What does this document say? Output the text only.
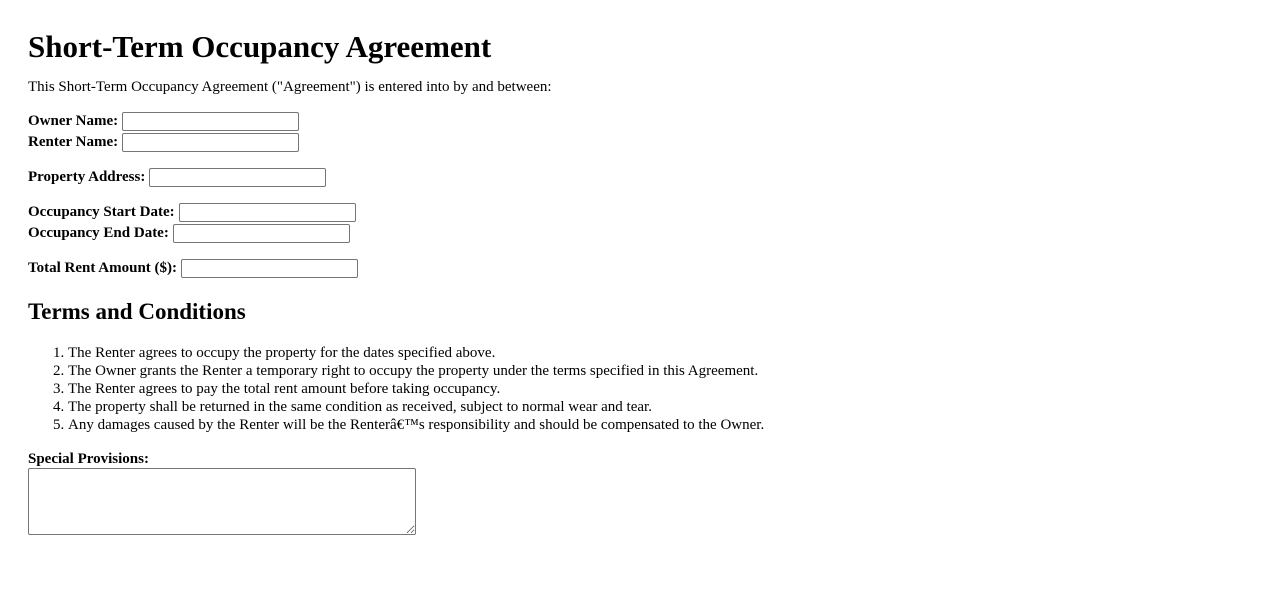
Short-Term Occupancy Agreement

This Short-Term Occupancy Agreement ("Agreement") is entered into by and between:

Owner Name:
Renter Name:
Property Address:
Occupancy Start Date:
Occupancy End Date:
Total Rent Amount ($):
Terms and Conditions
1. The Renter agrees to occupy the property for the dates specified above.
2. The Owner grants the Renter a temporary right to occupy the property under the terms specified in this Agreement.
3. The Renter agrees to pay the total rent amount before taking occupancy.
4. The property shall be returned in the same condition as received, subject to normal wear and tear.
5. Any damages caused by the Renter will be the Renterâ€™s responsibility and should be compensated to the Owner.
Special Provisions:
